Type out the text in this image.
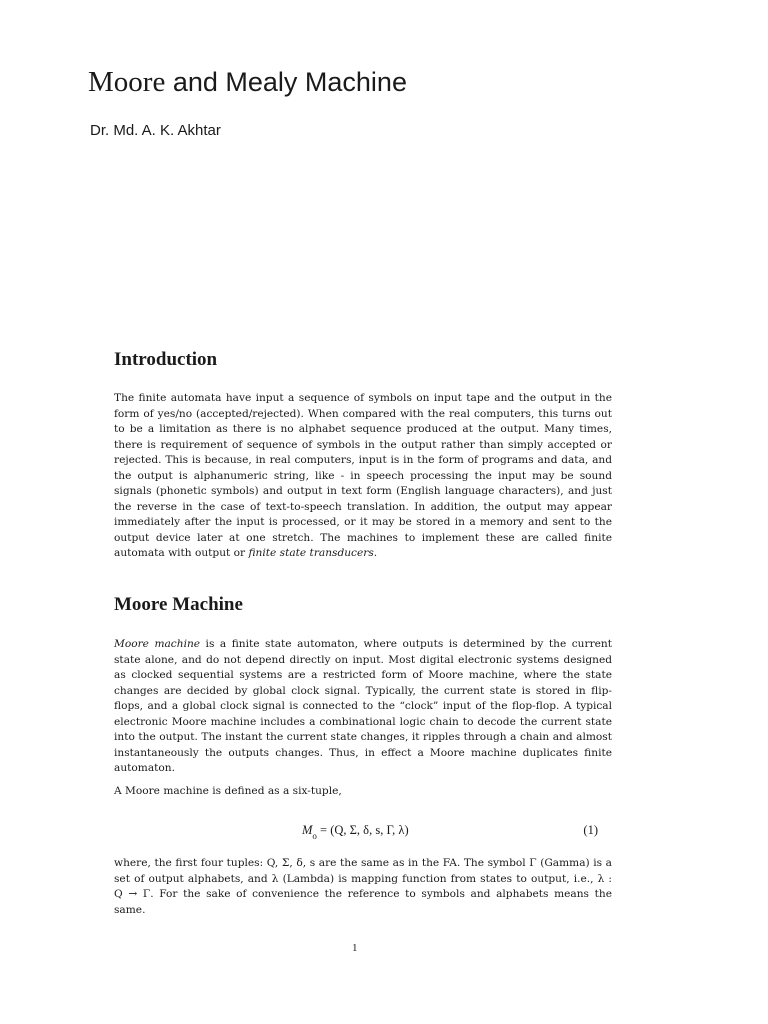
Moore and Mealy Machine
Dr. Md. A. K. Akhtar
Introduction

The finite automata have input a sequence of symbols on input tape and the output in the form of yes/no (accepted/rejected). When compared with the real computers, this turns out to be a limitation as there is no alphabet sequence produced at the output. Many times, there is requirement of sequence of symbols in the output rather than simply accepted or rejected. This is because, in real computers, input is in the form of programs and data, and the output is alphanumeric string, like - in speech processing the input may be sound signals (phonetic symbols) and output in text form (English language characters), and just the reverse in the case of text-to-speech translation. In addition, the output may appear immediately after the input is processed, or it may be stored in a memory and sent to the output device later at one stretch. The machines to implement these are called finite automata with output or finite state transducers.

Moore Machine

Moore machine is a finite state automaton, where outputs is determined by the current state alone, and do not depend directly on input. Most digital electronic systems designed as clocked sequential systems are a restricted form of Moore machine, where the state changes are decided by global clock signal. Typically, the current state is stored in flip-flops, and a global clock signal is connected to the “clock” input of the flop-flop. A typical electronic Moore machine includes a combinational logic chain to decode the current state into the output. The instant the current state changes, it ripples through a chain and almost instantaneously the outputs changes. Thus, in effect a Moore machine duplicates finite automaton.

A Moore machine is defined as a six-tuple,

$M_o = (Q$, Σ, δ, s, Γ, λ)	(1)

where, the first four tuples: Q, Σ, δ, s are the same as in the FA. The symbol Γ (Gamma) is a set of output alphabets, and λ (Lambda) is mapping function from states to output, i.e., λ : Q → Γ. For the sake of convenience the reference to symbols and alphabets means the same.

1
